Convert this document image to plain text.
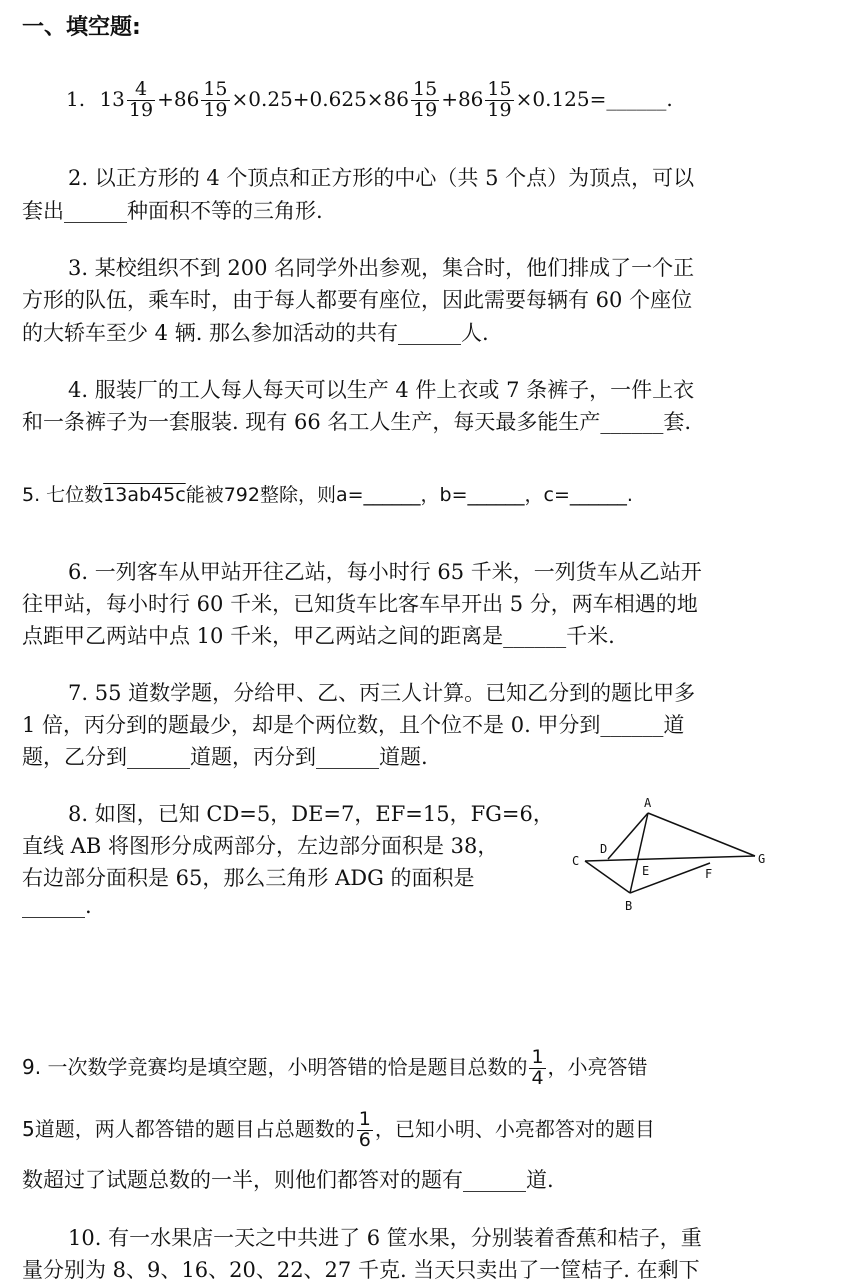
一、填空题:
1. $13 \frac{4}{19} +86 \frac{15}{19} \times 0.25+0.625\times 86 \frac{15}{19} +86 \frac{15}{19}$ ×0.125=______.
2. 以正方形的 4 个顶点和正方形的中心（共 5 个点）为顶点，可以
套出______种面积不等的三角形.
3. 某校组织不到 200 名同学外出参观，集合时，他们排成了一个正
方形的队伍，乘车时，由于每人都要有座位，因此需要每辆有 60 个座位
的大轿车至少 4 辆. 那么参加活动的共有______人.
4. 服装厂的工人每人每天可以生产 4 件上衣或 7 条裤子，一件上衣
和一条裤子为一套服装. 现有 66 名工人生产，每天最多能生产______套.
5. 七位数13ab45c能被792整除，则a=______，b=______，c=______.
6. 一列客车从甲站开往乙站，每小时行 65 千米，一列货车从乙站开
往甲站，每小时行 60 千米，已知货车比客车早开出 5 分，两车相遇的地
点距甲乙两站中点 10 千米，甲乙两站之间的距离是______千米.
7. 55 道数学题，分给甲、乙、丙三人计算。已知乙分到的题比甲多
1 倍，丙分到的题最少，却是个两位数，且个位不是 0. 甲分到______道
题，乙分到______道题，丙分到______道题.
8. 如图，已知 CD=5，DE=7，EF=15，FG=6，
直线 AB 将图形分成两部分，左边部分面积是 38，
右边部分面积是 65，那么三角形 ADG 的面积是
______.
A
B
C
D
E	F
G
9. 一次数学竞赛均是填空题，小明答错的恰是题目总数的 $\frac{1}{4}$ ，小亮答错
5道题，两人都答错的题目占总题数的 $\frac{1}{6}$ ，已知小明、小亮都答对的题目
数超过了试题总数的一半，则他们都答对的题有______道.
10. 有一水果店一天之中共进了 6 筐水果，分别装着香蕉和桔子，重
量分别为 8、9、16、20、22、27 千克. 当天只卖出了一筐桔子. 在剩下
